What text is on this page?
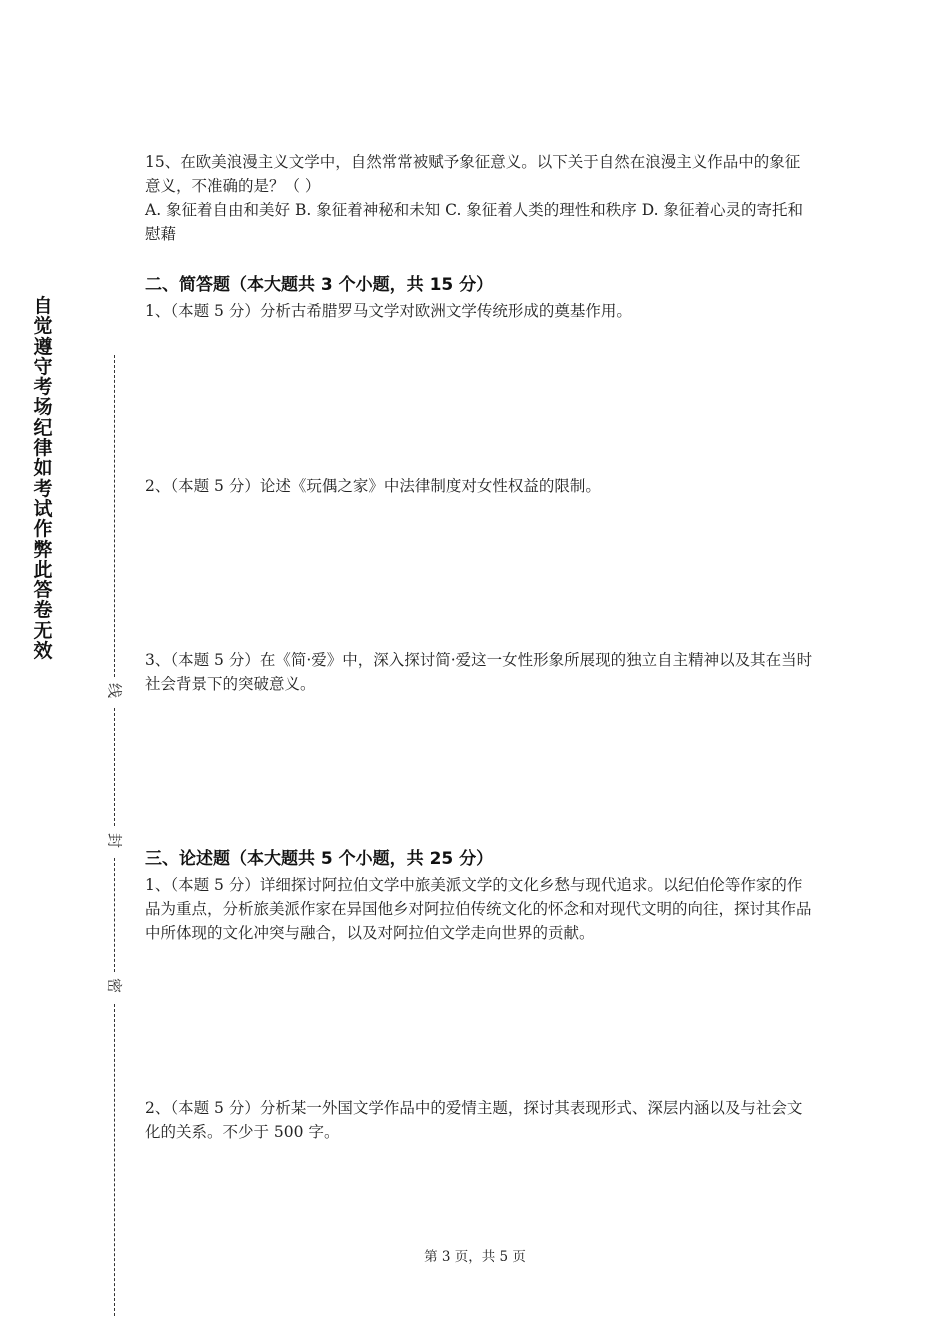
自
觉
遵
守
考
场
纪
律
如
考
试
作
弊
此
答
卷
无
效
线
封
密

15、在欧美浪漫主义文学中，自然常常被赋予象征意义。以下关于自然在浪漫主义作品中的象征意义，不准确的是？（ ）

A. 象征着自由和美好 B. 象征着神秘和未知 C. 象征着人类的理性和秩序 D. 象征着心灵的寄托和慰藉

二、简答题（本大题共 3 个小题，共 15 分）

1、（本题 5 分）分析古希腊罗马文学对欧洲文学传统形成的奠基作用。

2、（本题 5 分）论述《玩偶之家》中法律制度对女性权益的限制。

3、（本题 5 分）在《简·爱》中，深入探讨简·爱这一女性形象所展现的独立自主精神以及其在当时社会背景下的突破意义。

三、论述题（本大题共 5 个小题，共 25 分）

1、（本题 5 分）详细探讨阿拉伯文学中旅美派文学的文化乡愁与现代追求。以纪伯伦等作家的作品为重点，分析旅美派作家在异国他乡对阿拉伯传统文化的怀念和对现代文明的向往，探讨其作品中所体现的文化冲突与融合，以及对阿拉伯文学走向世界的贡献。

2、（本题 5 分）分析某一外国文学作品中的爱情主题，探讨其表现形式、深层内涵以及与社会文化的关系。不少于 500 字。

第 3 页，共 5 页
